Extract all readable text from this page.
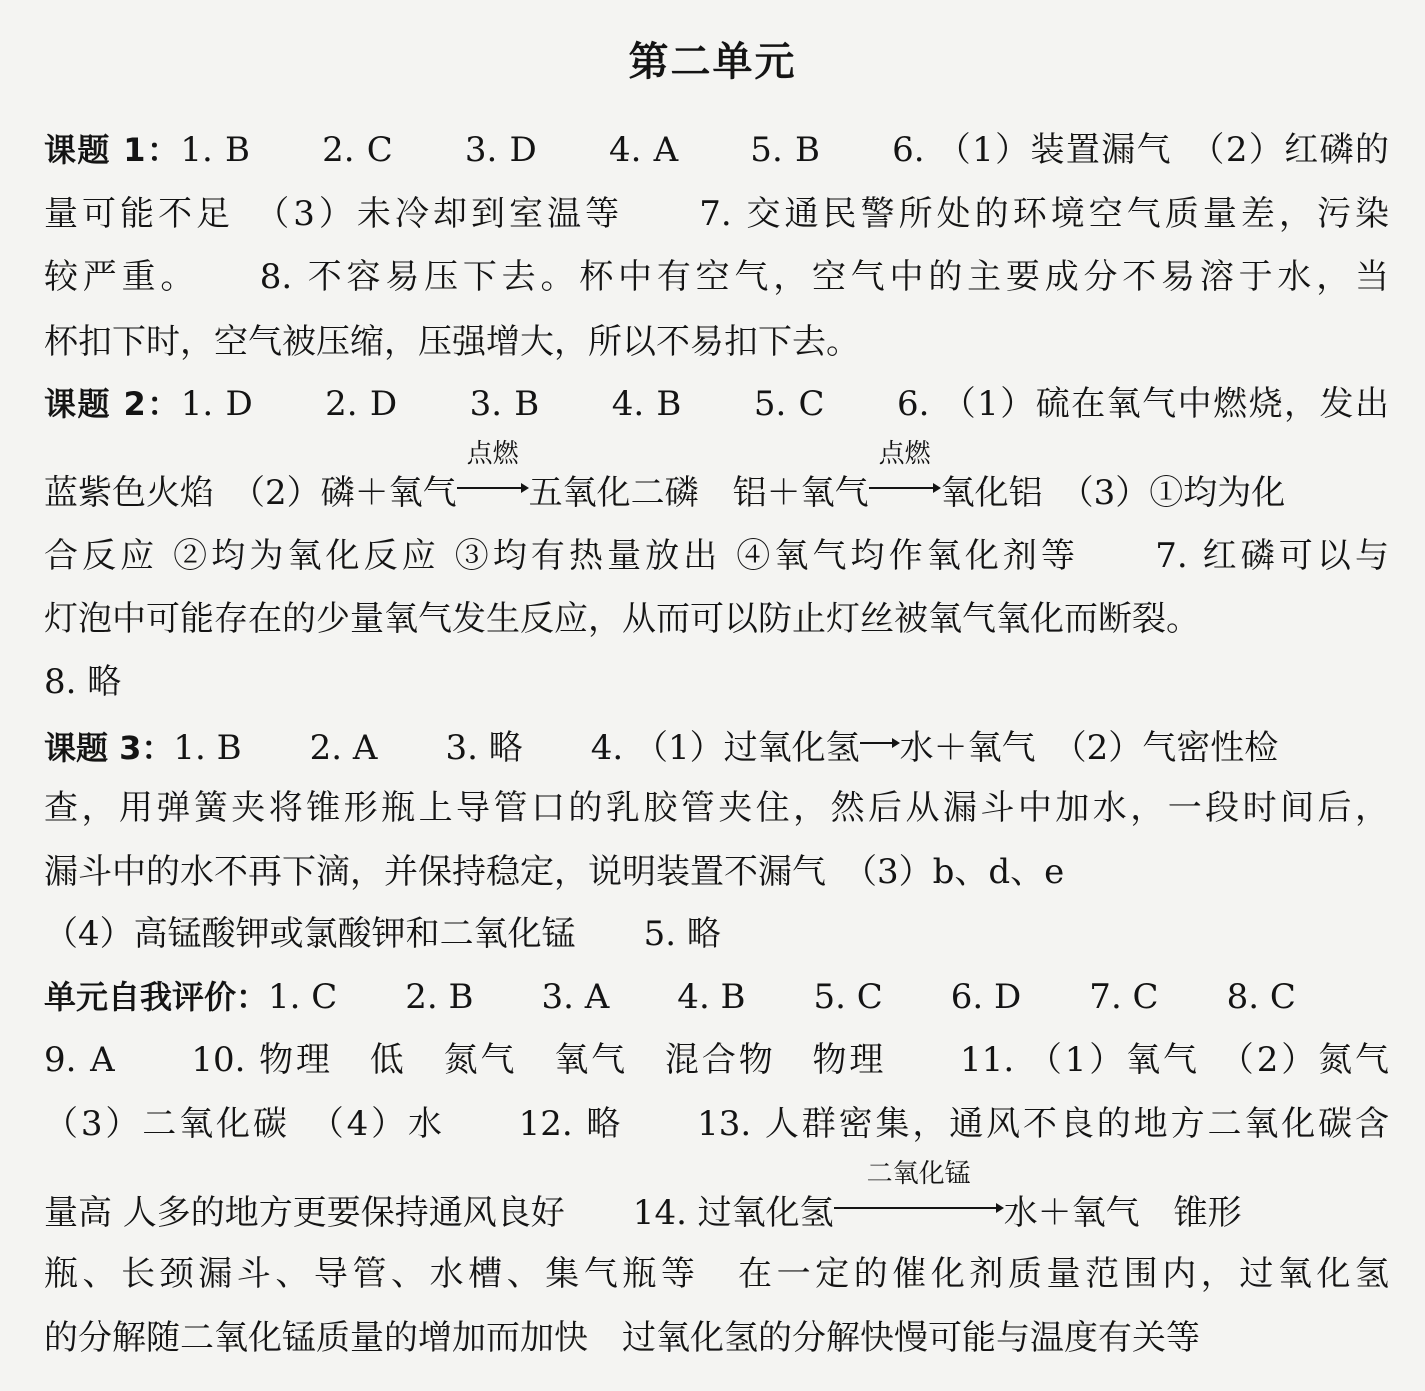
第二单元
课题 1：1. B　　2. C　　3. D　　4. A　　5. B　　6. （1）装置漏气　（2）红磷的
量可能不足　（3）未冷却到室温等　　7. 交通民警所处的环境空气质量差，污染
较严重。　　8. 不容易压下去。杯中有空气，空气中的主要成分不易溶于水，当
杯扣下时，空气被压缩，压强增大，所以不易扣下去。
课题 2：1. D　　2. D　　3. B　　4. B　　5. C　　6. （1）硫在氧气中燃烧，发出
蓝紫色火焰　（2）磷＋氧气
点燃
五氧化二磷　铝＋氧气
点燃
氧化铝　（3）①均为化
合反应 ②均为氧化反应 ③均有热量放出 ④氧气均作氧化剂等　　7. 红磷可以与
灯泡中可能存在的少量氧气发生反应，从而可以防止灯丝被氧气氧化而断裂。
8. 略
课题 3：1. B　　2. A　　3. 略　　4. （1）过氧化氢→水＋氧气　（2）气密性检
查，用弹簧夹将锥形瓶上导管口的乳胶管夹住，然后从漏斗中加水，一段时间后，
漏斗中的水不再下滴，并保持稳定，说明装置不漏气　（3）b、d、e
（4）高锰酸钾或氯酸钾和二氧化锰　　5. 略
单元自我评价：1. C　　2. B　　3. A　　4. B　　5. C　　6. D　　7. C　　8. C
9. A　　10. 物理　低　氮气　氧气　混合物　物理　　11. （1）氧气　（2）氮气
（3）二氧化碳　（4）水　　12. 略　　13. 人群密集，通风不良的地方二氧化碳含
量高 人多的地方更要保持通风良好　　14. 过氧化氢
二氧化锰
水＋氧气　锥形
瓶、长颈漏斗、导管、水槽、集气瓶等　在一定的催化剂质量范围内，过氧化氢
的分解随二氧化锰质量的增加而加快　过氧化氢的分解快慢可能与温度有关等
